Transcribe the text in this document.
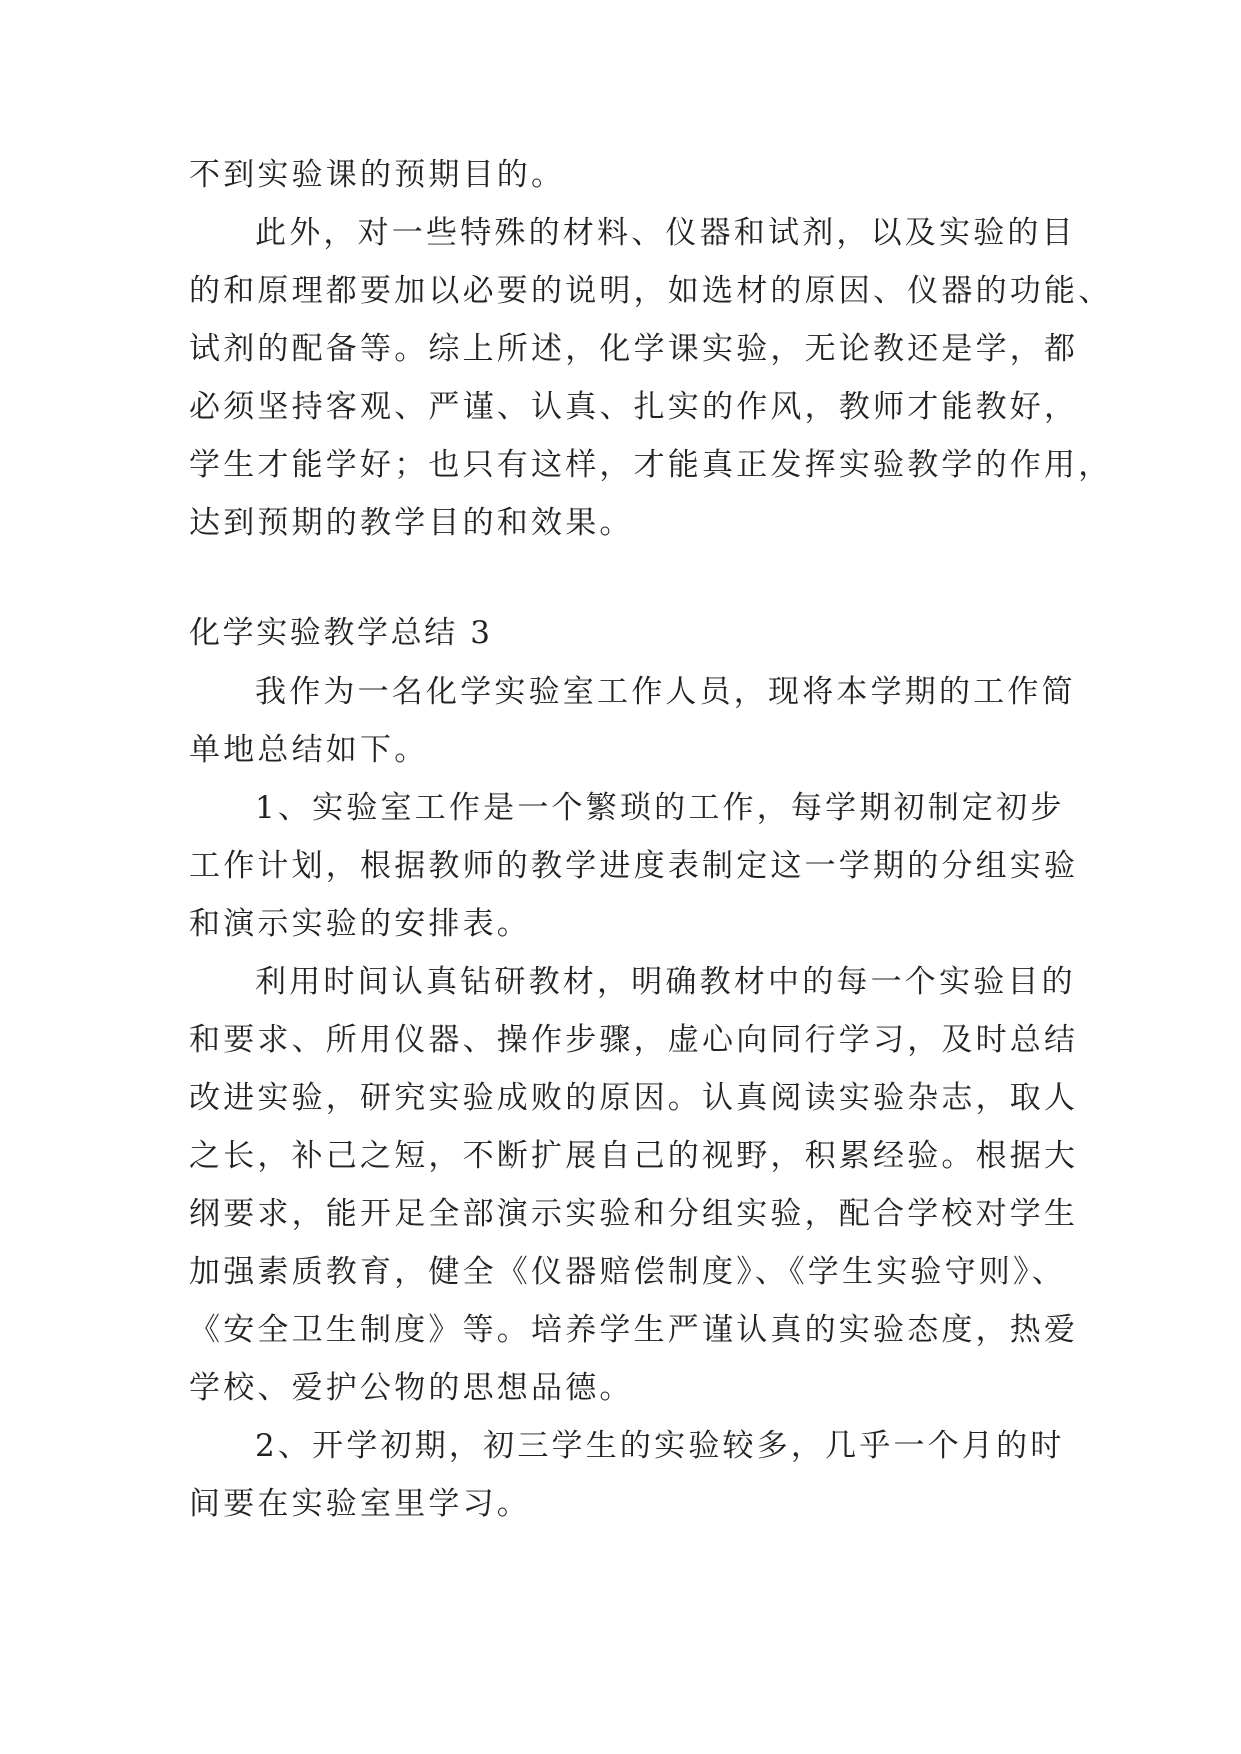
不到实验课的预期目的。
此外，对一些特殊的材料、仪器和试剂，以及实验的目
的和原理都要加以必要的说明，如选材的原因、仪器的功能、
试剂的配备等。综上所述，化学课实验，无论教还是学，都
必须坚持客观、严谨、认真、扎实的作风，教师才能教好，
学生才能学好；也只有这样，才能真正发挥实验教学的作用，
达到预期的教学目的和效果。
化学实验教学总结 3
我作为一名化学实验室工作人员，现将本学期的工作简
单地总结如下。
1、实验室工作是一个繁琐的工作，每学期初制定初步
工作计划，根据教师的教学进度表制定这一学期的分组实验
和演示实验的安排表。
利用时间认真钻研教材，明确教材中的每一个实验目的
和要求、所用仪器、操作步骤，虚心向同行学习，及时总结
改进实验，研究实验成败的原因。认真阅读实验杂志，取人
之长，补己之短，不断扩展自己的视野，积累经验。根据大
纲要求，能开足全部演示实验和分组实验，配合学校对学生
加强素质教育，健全《仪器赔偿制度》、《学生实验守则》、
《安全卫生制度》等。培养学生严谨认真的实验态度，热爱
学校、爱护公物的思想品德。
2、开学初期，初三学生的实验较多，几乎一个月的时
间要在实验室里学习。
